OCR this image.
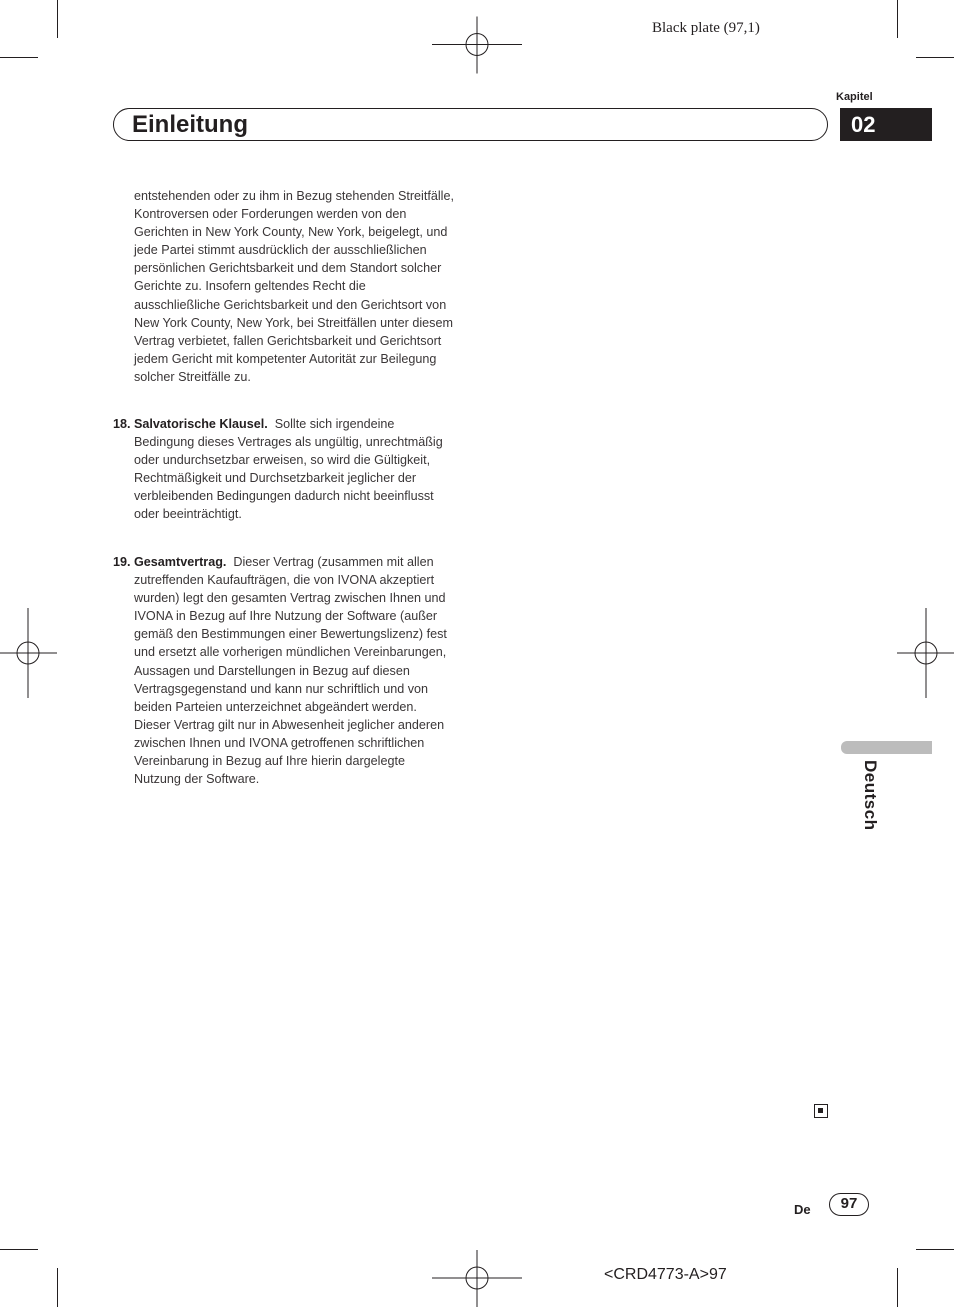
Black plate (97,1)
Kapitel
Einleitung	02

entstehenden oder zu ihm in Bezug stehenden Streitfälle, Kontroversen oder Forderungen werden von den Gerichten in New York County, New York, beigelegt, und jede Partei stimmt ausdrücklich der ausschließlichen persönlichen Gerichtsbarkeit und dem Standort solcher Gerichte zu. Insofern geltendes Recht die ausschließliche Gerichtsbarkeit und den Gerichtsort von New York County, New York, bei Streitfällen unter diesem Vertrag verbietet, fallen Gerichtsbarkeit und Gerichtsort jedem Gericht mit kompetenter Autorität zur Beilegung solcher Streitfälle zu.

18. Salvatorische Klausel. Sollte sich irgendeine Bedingung dieses Vertrages als ungültig, unrechtmäßig oder undurchsetzbar erweisen, so wird die Gültigkeit, Rechtmäßigkeit und Durchsetzbarkeit jeglicher der verbleibenden Bedingungen dadurch nicht beeinflusst oder beeinträchtigt.

19. Gesamtvertrag. Dieser Vertrag (zusammen mit allen zutreffenden Kaufaufträgen, die von IVONA akzeptiert wurden) legt den gesamten Vertrag zwischen Ihnen und IVONA in Bezug auf Ihre Nutzung der Software (außer gemäß den Bestimmungen einer Bewertungslizenz) fest und ersetzt alle vorherigen mündlichen Vereinbarungen, Aussagen und Darstellungen in Bezug auf diesen Vertragsgegenstand und kann nur schriftlich und von beiden Parteien unterzeichnet abgeändert werden. Dieser Vertrag gilt nur in Abwesenheit jeglicher anderen zwischen Ihnen und IVONA getroffenen schriftlichen Vereinbarung in Bezug auf Ihre hierin dargelegte Nutzung der Software.	Deutsch
De	97
<CRD4773-A>97
